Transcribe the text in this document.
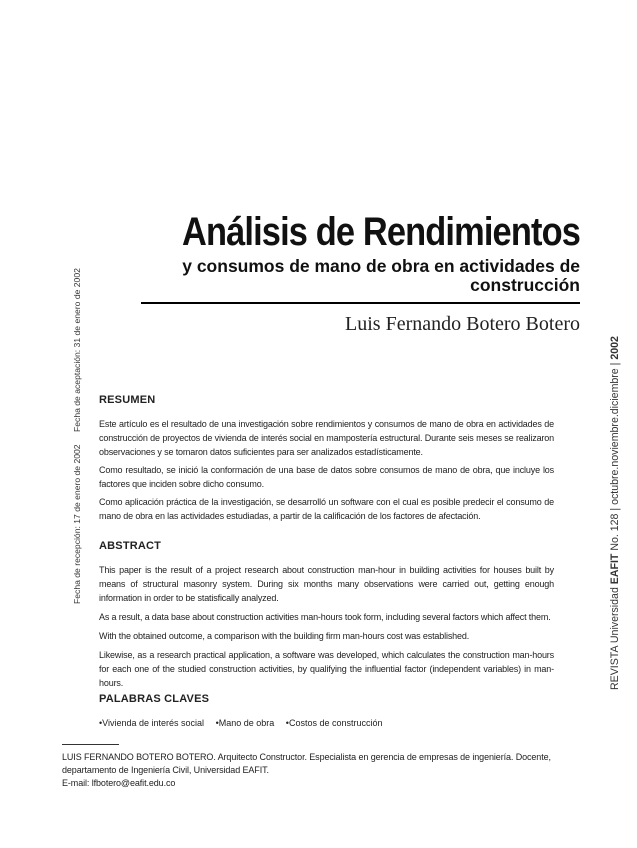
Análisis de Rendimientos
y consumos de mano de obra en actividades de
construcción
Luis Fernando Botero Botero
Fecha de recepción: 17 de enero de 2002
Fecha de aceptación: 31 de enero de 2002
REVISTA Universidad EAFIT No. 128 | octubre.noviembre.diciembre | 2002
RESUMEN

Este artículo es el resultado de una investigación sobre rendimientos y consumos de mano de obra en actividades de construcción de proyectos de vivienda de interés social en mampostería estructural. Durante seis meses se realizaron observaciones y se tomaron datos suficientes para ser analizados estadísticamente.

Como resultado, se inició la conformación de una base de datos sobre consumos de mano de obra, que incluye los factores que inciden sobre dicho consumo.

Como aplicación práctica de la investigación, se desarrolló un software con el cual es posible predecir el consumo de mano de obra en las actividades estudiadas, a partir de la calificación de los factores de afectación.

ABSTRACT

This paper is the result of a project research about construction man-hour in building activities for houses built by means of structural masonry system. During six months many observations were carried out, getting enough information in order to be statisfically analyzed.

As a result, a data base about construction activities man-hours took form, including several factors which affect them.

With the obtained outcome, a comparison with the building firm man-hours cost was established.

Likewise, as a research practical application, a software was developed, which calculates the construction man-hours for each one of the studied construction activities, by qualifying the influential factor (independent variables) in man-hours.

PALABRAS CLAVES
• Vivienda de interés social • Mano de obra • Costos de construcción

LUIS FERNANDO BOTERO BOTERO. Arquitecto Constructor. Especialista en gerencia de empresas de ingeniería. Docente, departamento de Ingeniería Civil, Universidad EAFIT.
E-mail: lfbotero@eafit.edu.co
